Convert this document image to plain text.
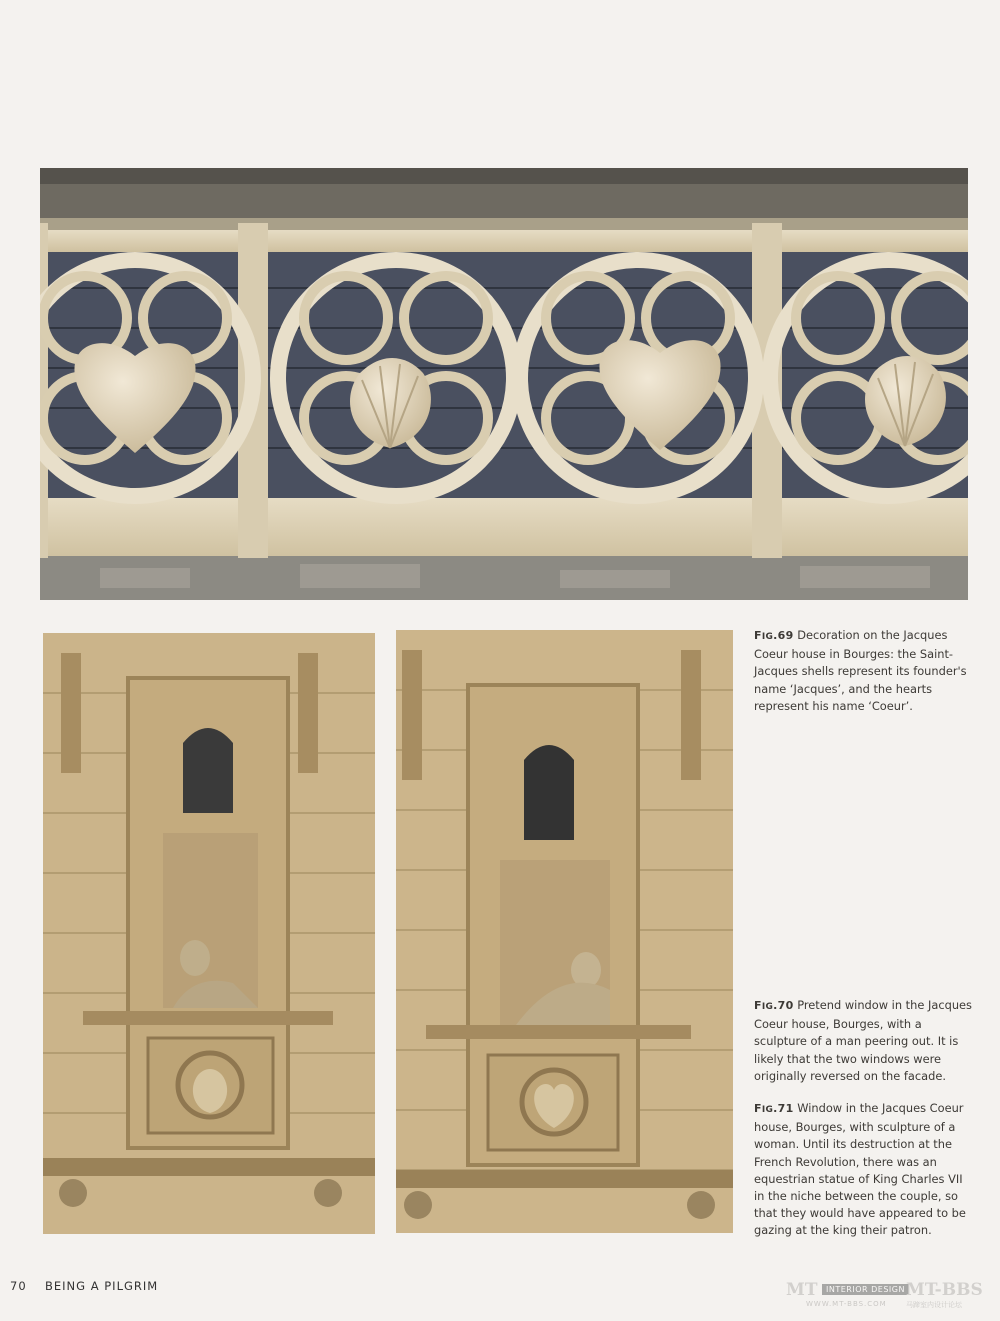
FIG.69 Decoration on the Jacques Coeur house in Bourges: the Saint-Jacques shells represent its founder's name ‘Jacques’, and the hearts represent his name ‘Coeur’.
FIG.70 Pretend window in the Jacques Coeur house, Bourges, with a sculpture of a man peering out. It is likely that the two windows were originally reversed on the facade.
FIG.71 Window in the Jacques Coeur house, Bourges, with sculpture of a woman. Until its destruction at the French Revolution, there was an equestrian statue of King Charles VII in the niche between the couple, so that they would have appeared to be gazing at the king their patron.
70 BEING A PILGRIM	MT	INTERIOR DESIGN MT-BBS
WWW.MT-BBS.COM	马蹄室内设计论坛
